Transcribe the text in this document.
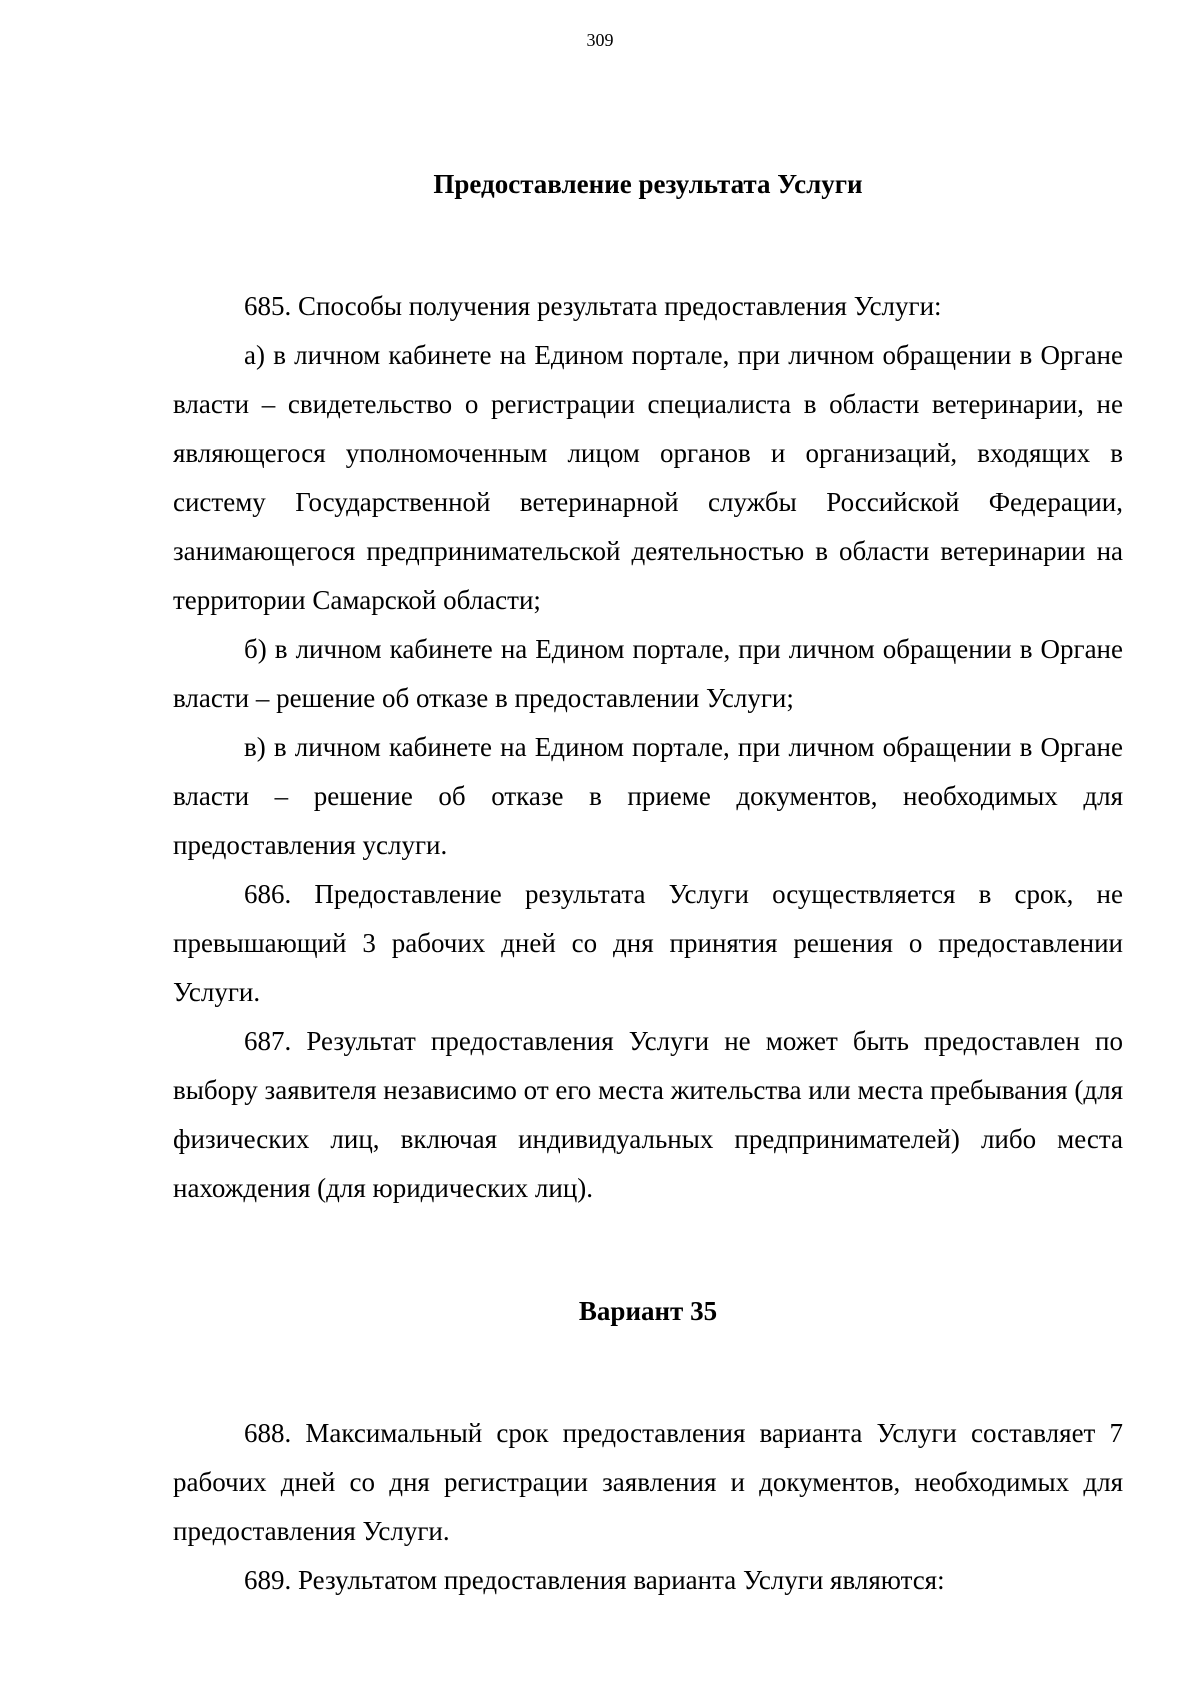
309
Предоставление результата Услуги

685. Способы получения результата предоставления Услуги:

а) в личном кабинете на Едином портале, при личном обращении в Органе власти – свидетельство о регистрации специалиста в области ветеринарии, не являющегося уполномоченным лицом органов и организаций, входящих в систему Государственной ветеринарной службы Российской Федерации, занимающегося предпринимательской деятельностью в области ветеринарии на территории Самарской области;

б) в личном кабинете на Едином портале, при личном обращении в Органе власти – решение об отказе в предоставлении Услуги;

в) в личном кабинете на Едином портале, при личном обращении в Органе власти – решение об отказе в приеме документов, необходимых для предоставления услуги.

686. Предоставление результата Услуги осуществляется в срок, не превышающий 3 рабочих дней со дня принятия решения о предоставлении Услуги.

687. Результат предоставления Услуги не может быть предоставлен по выбору заявителя независимо от его места жительства или места пребывания (для физических лиц, включая индивидуальных предпринимателей) либо места нахождения (для юридических лиц).

Вариант 35

688. Максимальный срок предоставления варианта Услуги составляет 7 рабочих дней со дня регистрации заявления и документов, необходимых для предоставления Услуги.

689. Результатом предоставления варианта Услуги являются:
